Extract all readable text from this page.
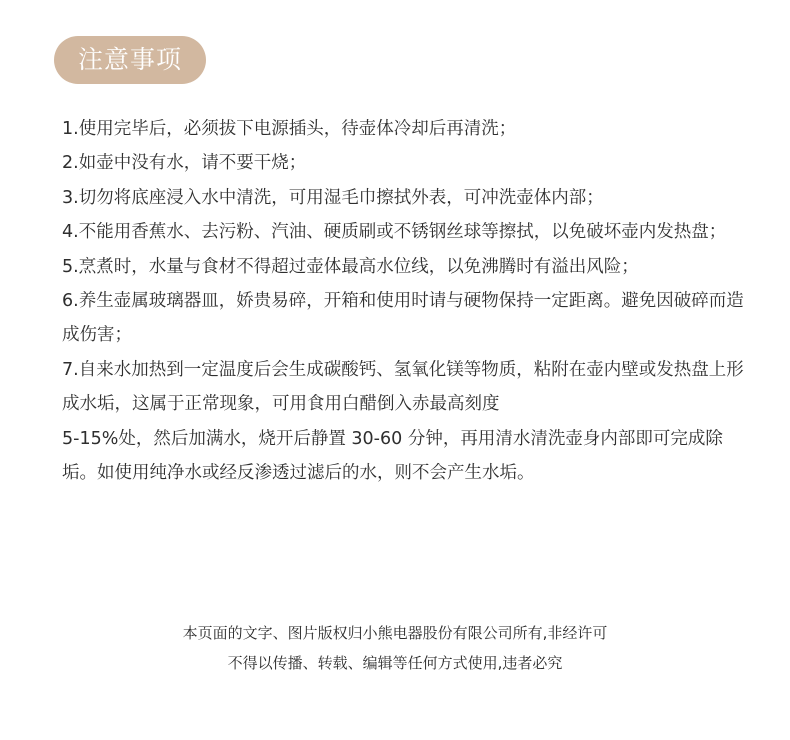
注意事项

1.使用完毕后，必须拔下电源插头，待壶体冷却后再清洗；

2.如壶中没有水，请不要干烧；

3.切勿将底座浸入水中清洗，可用湿毛巾擦拭外表，可冲洗壶体内部；

4.不能用香蕉水、去污粉、汽油、硬质刷或不锈钢丝球等擦拭，以免破坏壶内发热盘；

5.烹煮时，水量与食材不得超过壶体最高水位线，以免沸腾时有溢出风险；

6.养生壶属玻璃器皿，娇贵易碎，开箱和使用时请与硬物保持一定距离。避免因破碎而造成伤害；

7.自来水加热到一定温度后会生成碳酸钙、氢氧化镁等物质，粘附在壶内壁或发热盘上形成水垢，这属于正常现象，可用食用白醋倒入赤最高刻度

5-15%处，然后加满水，烧开后静置 30-60 分钟，再用清水清洗壶身内部即可完成除垢。如使用纯净水或经反渗透过滤后的水，则不会产生水垢。

本页面的文字、图片版权归小熊电器股份有限公司所有,非经许可
不得以传播、转载、编辑等任何方式使用,违者必究
